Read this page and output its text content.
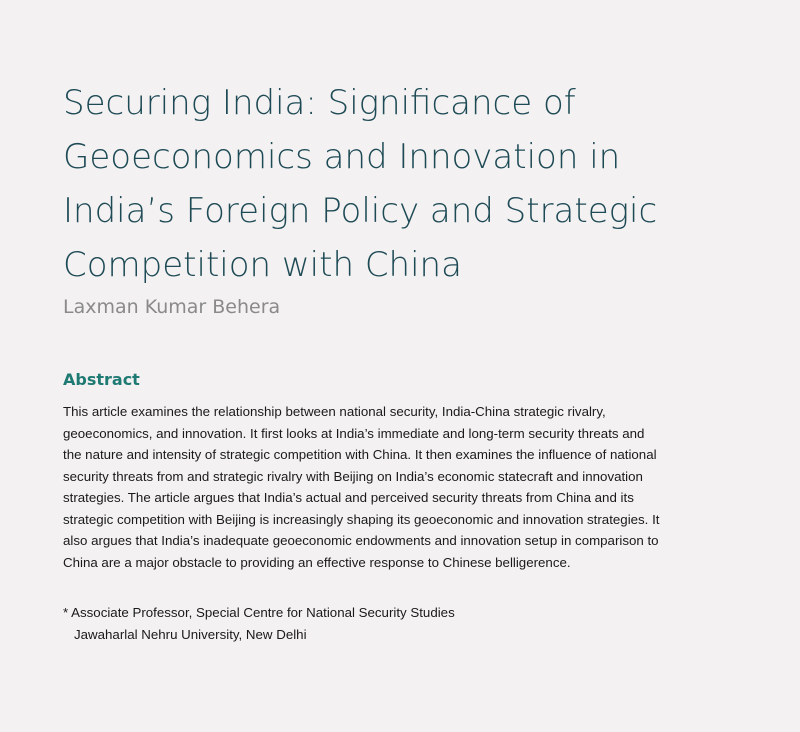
Securing India: Significance of
Geoeconomics and Innovation in
India’s Foreign Policy and Strategic
Competition with China

Laxman Kumar Behera

Abstract

This article examines the relationship between national security, India-China strategic rivalry,
geoeconomics, and innovation. It first looks at India’s immediate and long-term security threats and
the nature and intensity of strategic competition with China. It then examines the influence of national
security threats from and strategic rivalry with Beijing on India’s economic statecraft and innovation
strategies. The article argues that India’s actual and perceived security threats from China and its
strategic competition with Beijing is increasingly shaping its geoeconomic and innovation strategies. It
also argues that India’s inadequate geoeconomic endowments and innovation setup in comparison to
China are a major obstacle to providing an effective response to Chinese belligerence.

* Associate Professor, Special Centre for National Security Studies
Jawaharlal Nehru University, New Delhi
